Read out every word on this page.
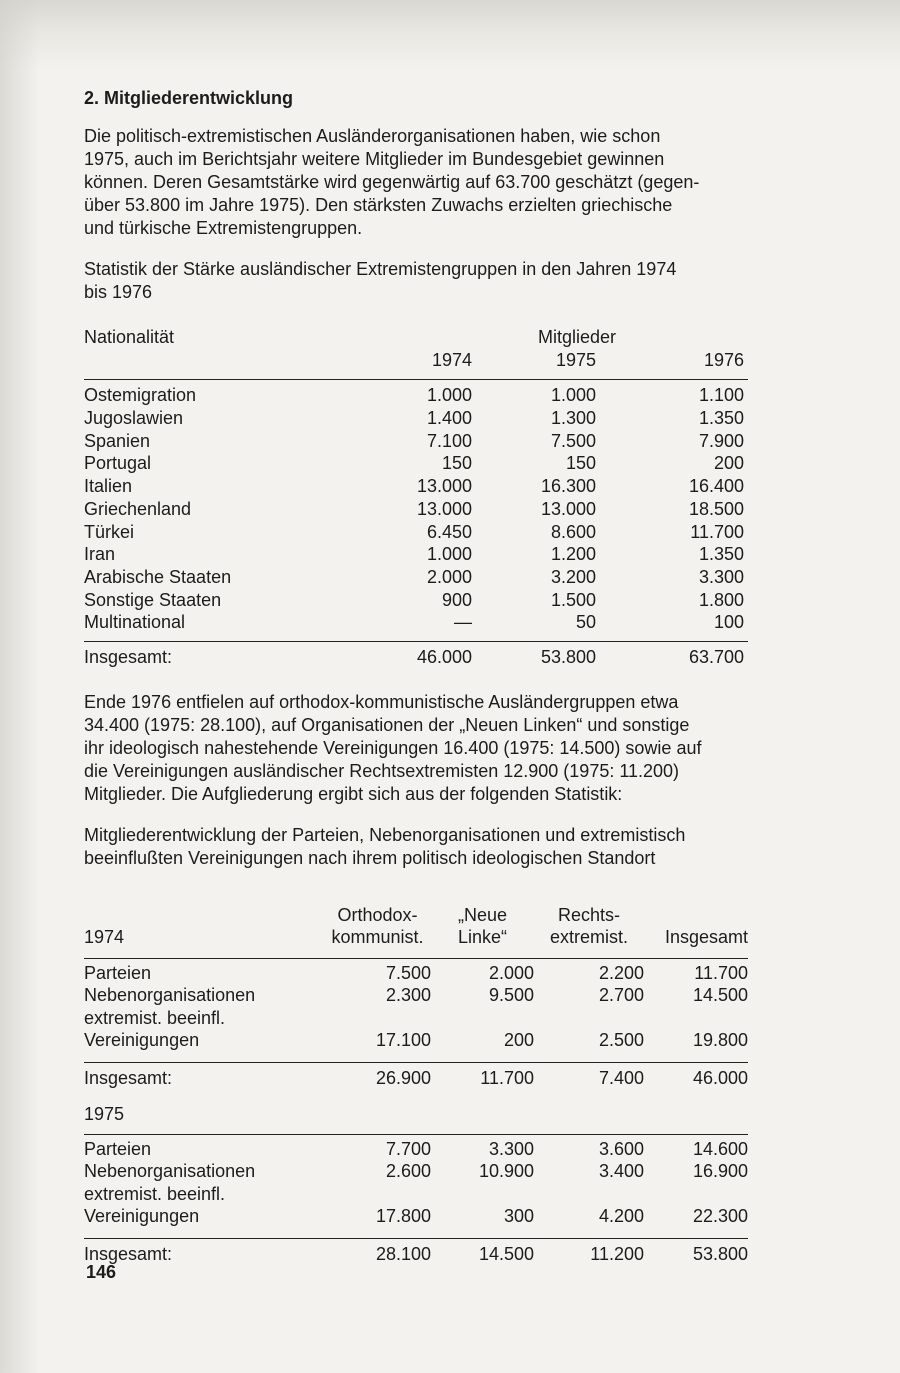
2. Mitgliederentwicklung

Die politisch-extremistischen Ausländerorganisationen haben, wie schon
1975, auch im Berichtsjahr weitere Mitglieder im Bundesgebiet gewinnen
können. Deren Gesamtstärke wird gegenwärtig auf 63.700 geschätzt (gegen-
über 53.800 im Jahre 1975). Den stärksten Zuwachs erzielten griechische
und türkische Extremistengruppen.

Statistik der Stärke ausländischer Extremistengruppen in den Jahren 1974
bis 1976

Nationalität	Mitglieder
1974	1975	1976
Ostemigration	1.000	1.000	1.100
Jugoslawien	1.400	1.300	1.350
Spanien	7.100	7.500	7.900
Portugal	150	150	200
Italien	13.000	16.300	16.400
Griechenland	13.000	13.000	18.500
Türkei	6.450	8.600	11.700
Iran	1.000	1.200	1.350
Arabische Staaten	2.000	3.200	3.300
Sonstige Staaten	900	1.500	1.800
Multinational	—	50	100
Insgesamt:	46.000	53.800	63.700

Ende 1976 entfielen auf orthodox-kommunistische Ausländergruppen etwa
34.400 (1975: 28.100), auf Organisationen der „Neuen Linken“ und sonstige
ihr ideologisch nahestehende Vereinigungen 16.400 (1975: 14.500) sowie auf
die Vereinigungen ausländischer Rechtsextremisten 12.900 (1975: 11.200)
Mitglieder. Die Aufgliederung ergibt sich aus der folgenden Statistik:

Mitgliederentwicklung der Parteien, Nebenorganisationen und extremistisch
beeinflußten Vereinigungen nach ihrem politisch ideologischen Standort

Orthodox-	„Neue	Rechts-
1974	kommunist.	Linke“	extremist.	Insgesamt
Parteien	7.500	2.000	2.200	11.700
Nebenorganisationen	2.300	9.500	2.700	14.500
extremist. beeinfl.
Vereinigungen	17.100	200	2.500	19.800
Insgesamt:	26.900	11.700	7.400	46.000
1975
Parteien	7.700	3.300	3.600	14.600
Nebenorganisationen	2.600	10.900	3.400	16.900
extremist. beeinfl.
Vereinigungen	17.800	300	4.200	22.300
Insgesamt:	28.100	14.500	11.200	53.800
146
